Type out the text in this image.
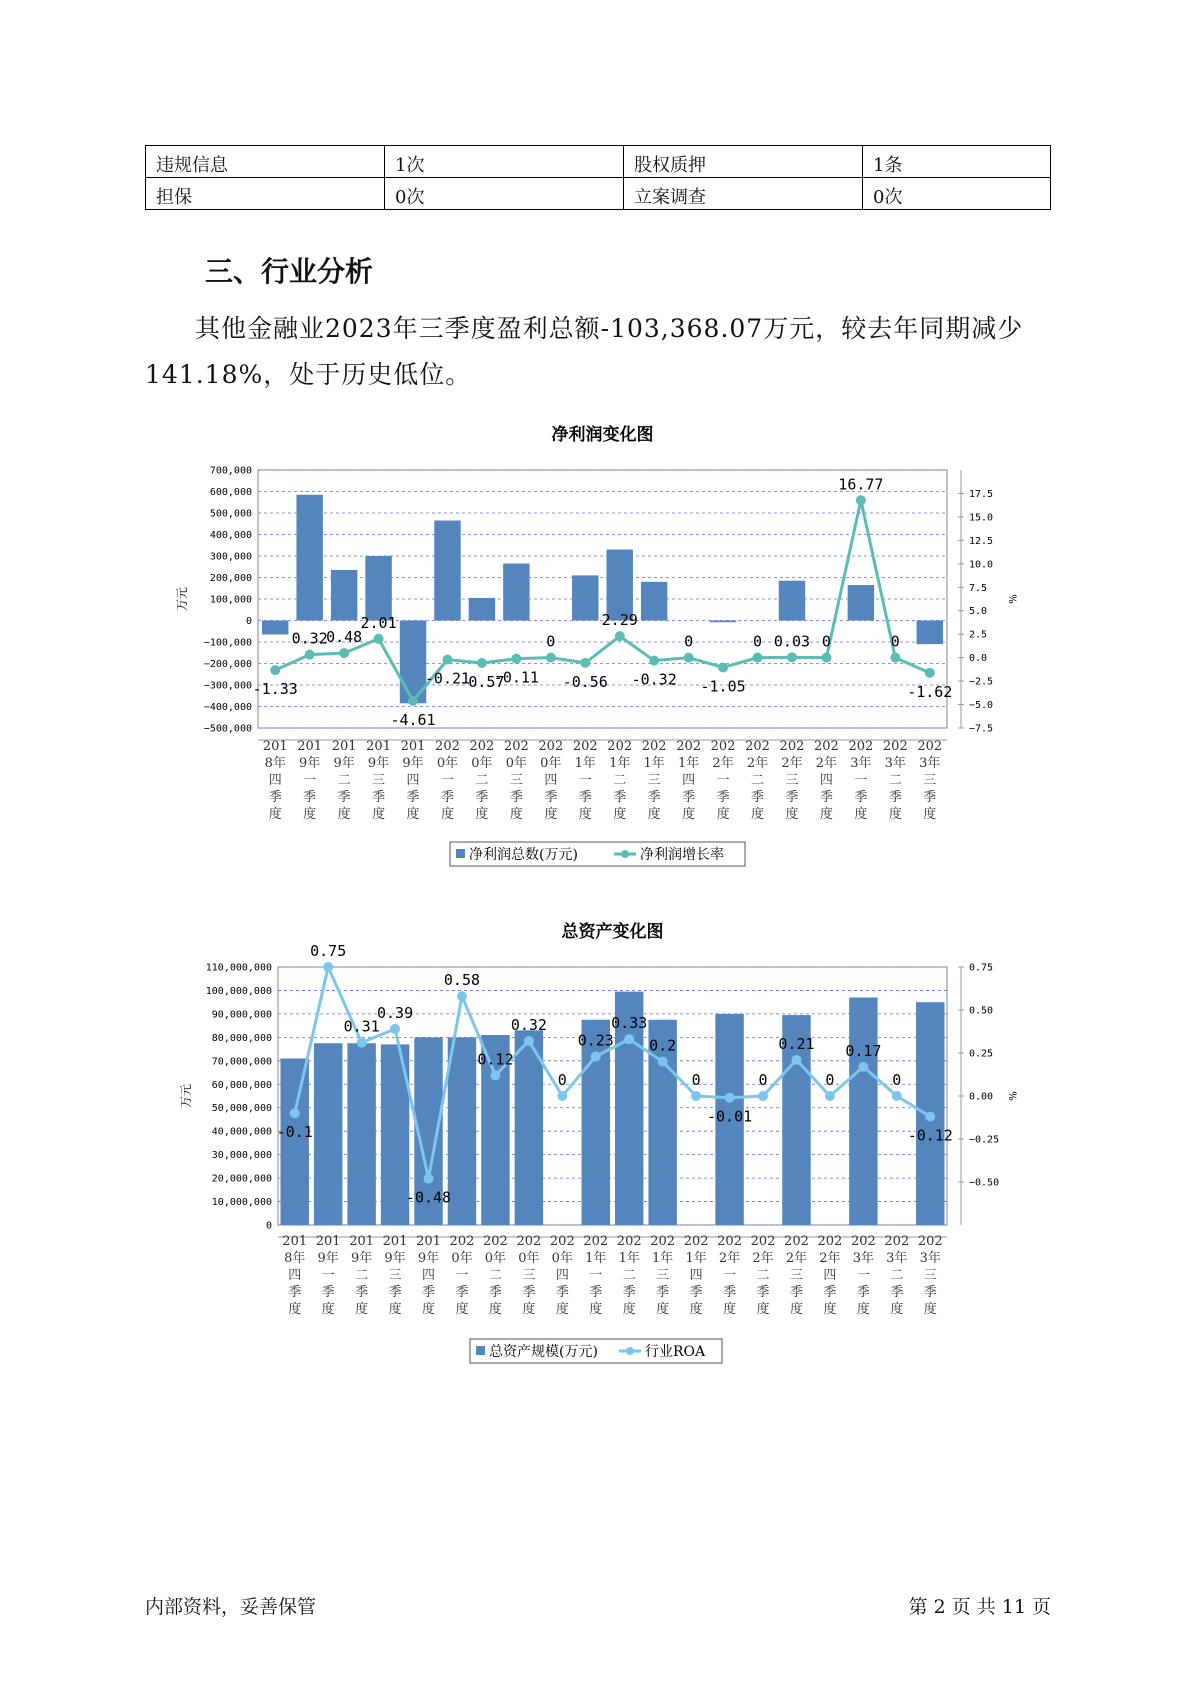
违规信息	1次	股权质押	1条
担保	0次	立案调查	0次
三、行业分析

其他金融业2023年三季度盈利总额-103,368.07万元，较去年同期减少141.18%，处于历史低位。

净利润变化图
700,000
600,000
500,000
400,000
300,000
200,000
100,000
0
−100,000
−200,000
−300,000
−400,000
−500,000
17.5
15.0
12.5
10.0
7.5
5.0
2.5
0.0
−2.5
−5.0
−7.5
万元	%
-1.33
0.32
0.48
2.01
-4.61
-0.21
-0.57
-0.11
0
-0.56
2.29
-0.32
0
-1.05
0 0.03 0
16.77
0
-1.62
201 8年四季度
201 9年一季度
201 9年二季度
201 9年三季度
201 9年四季度
202 0年一季度
202 0年二季度
202 0年三季度
202 0年四季度
202 1年一季度
202 1年二季度
202 1年三季度
202 1年四季度
202 2年一季度
202 2年二季度
202 2年三季度
202 2年四季度
202 3年一季度
202 3年二季度
202 3年三季度
净利润总数(万元)	净利润增长率
总资产变化图
110,000,000
100,000,000
90,000,000
80,000,000
70,000,000
60,000,000
50,000,000
40,000,000
30,000,000
20,000,000
10,000,000
0
0.75
0.50
0.25
0.00
−0.25
−0.50
万元	%
-0.1
0.75
0.31
0.39
-0.48
0.58
0.12
0.32
0
0.23
0.33
0.2
0
-0.01
0
0.21
0
0.17
0
-0.12
201 8年四季度
201 9年一季度
201 9年二季度
201 9年三季度
201 9年四季度
202 0年一季度
202 0年二季度
202 0年三季度
202 0年四季度
202 1年一季度
202 1年二季度
202 1年三季度
202 1年四季度
202 2年一季度
202 2年二季度
202 2年三季度
202 2年四季度
202 3年一季度
202 3年二季度
202 3年三季度
总资产规模(万元)	行业ROA
内部资料，妥善保管	第 2 页 共 11 页
